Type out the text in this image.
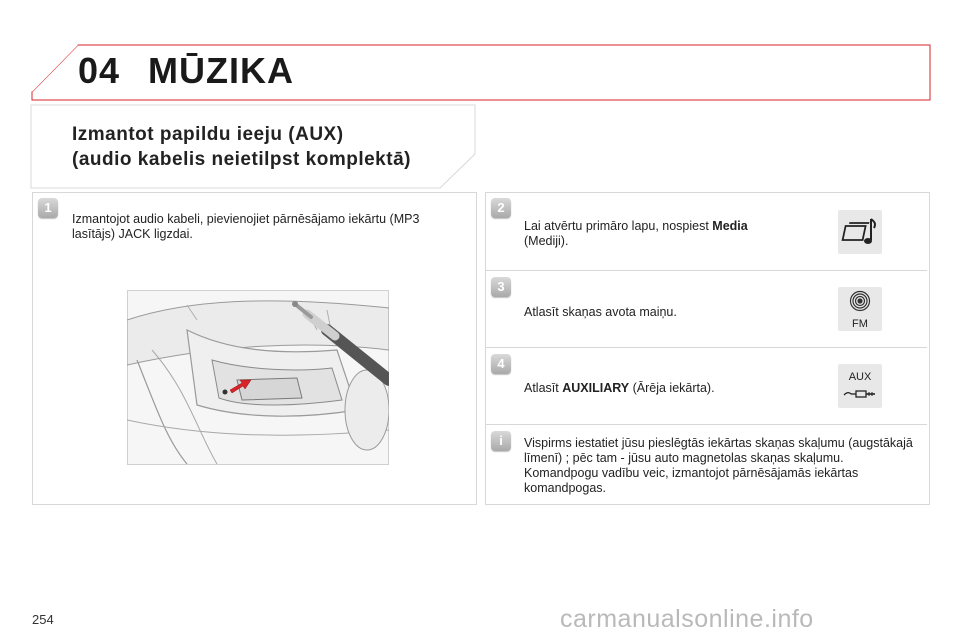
04 MŪZIKA
Izmantot papildu ieeju (AUX)
(audio kabelis neietilpst komplektā)
1
Izmantojot audio kabeli, pievienojiet pārnēsājamo iekārtu (MP3 lasītājs) JACK ligzdai.
2
Lai atvērtu primāro lapu, nospiest Media
(Mediji).
3
Atlasīt skaņas avota maiņu.
FM
4
Atlasīt AUXILIARY (Ārēja iekārta).
AUX
i	Vispirms iestatiet jūsu pieslēgtās iekārtas skaņas skaļumu (augstākajā līmenī) ; pēc tam - jūsu auto magnetolas skaņas skaļumu.
Komandpogu vadību veic, izmantojot pārnēsājamās iekārtas komandpogas.
254	carmanualsonline.info
